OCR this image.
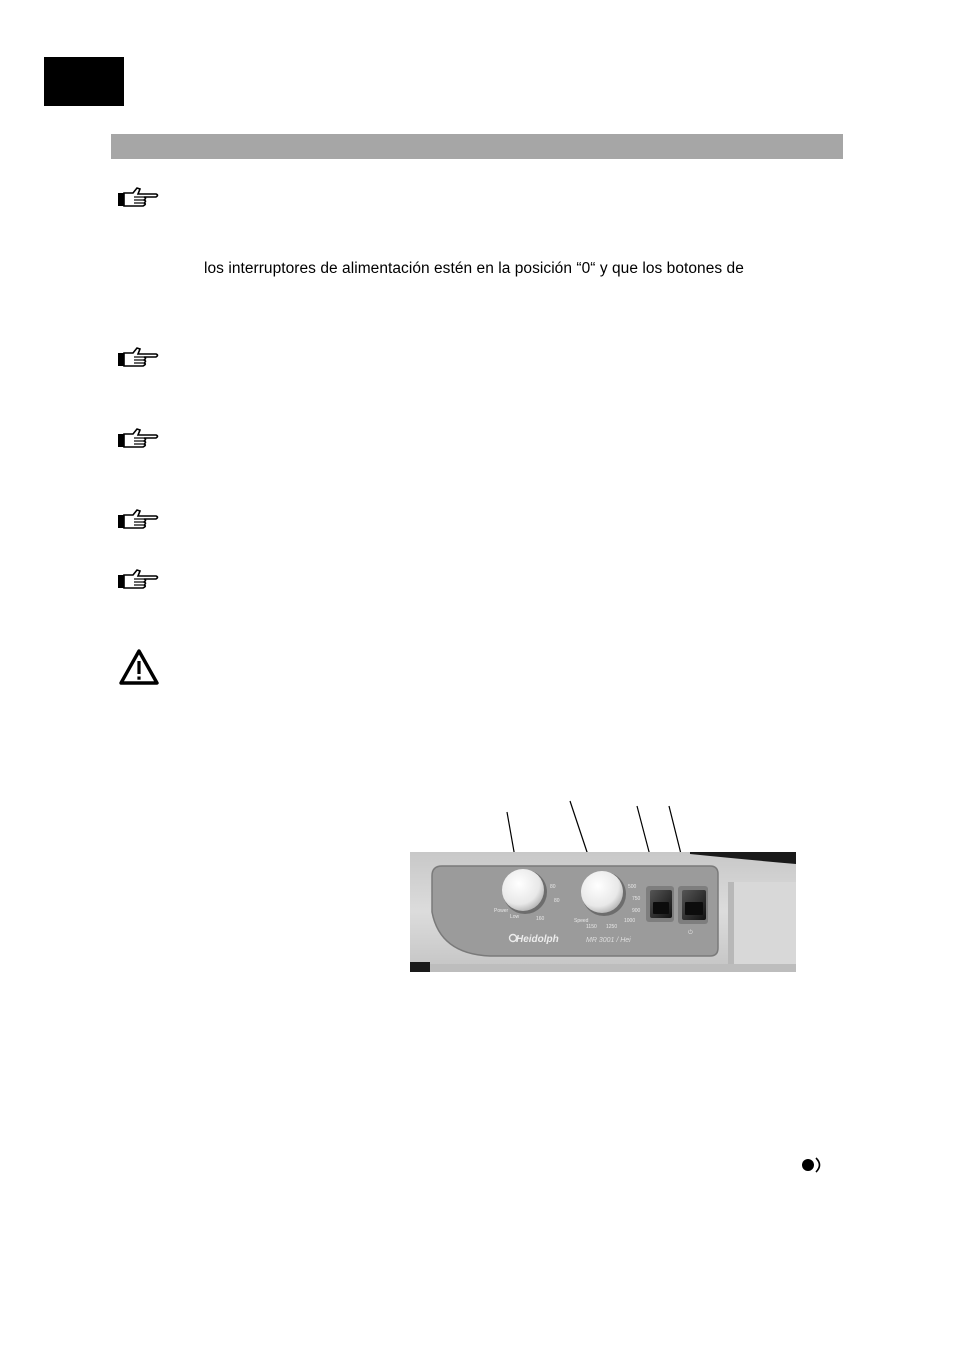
los interruptores de alimentación estén en la posición “0“ y que los botones de
Power
Low	160
80
80
Speed
1150 1250
500
750
900
1000
⏻
Heidolph	MR 3001 / Hei
